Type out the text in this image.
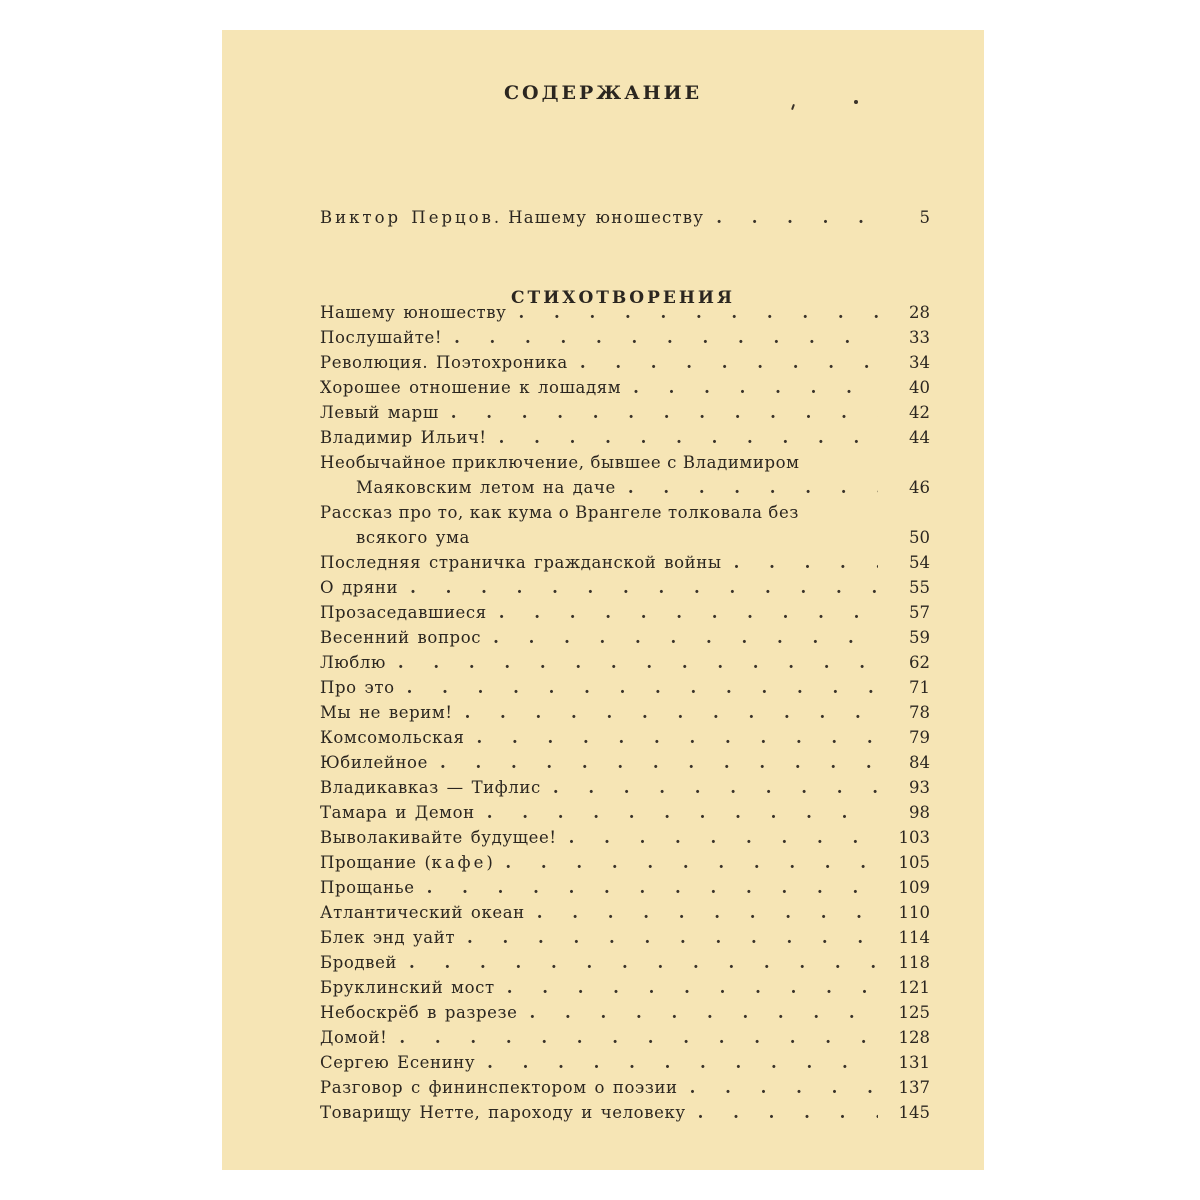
СОДЕРЖАНИЕ
Виктор Перцов. Нашему юношеству . . .	5
СТИХОТВОРЕНИЯ
Нашему юношеству . . .	28
Послушайте! . . .	33
Революция. Поэтохроника . . .	34
Хорошее отношение к лошадям . . .	40
Левый марш . . .	42
Владимир Ильич! . . .	44
Необычайное приключение, бывшее с Владимиром
Маяковским летом на даче . . .	46
Рассказ про то, как кума о Врангеле толковала без
всякого ума	50
Последняя страничка гражданской войны . . .	54
О дряни . . .	55
Прозаседавшиеся . . .	57
Весенний вопрос . . .	59
Люблю . . .	62
Про это . . .	71
Мы не верим! . . .	78
Комсомольская . . .	79
Юбилейное . . .	84
Владикавказ — Тифлис . . .	93
Тамара и Демон . . .	98
Выволакивайте будущее! . . .	103
Прощание (кафе) . . .	105
Прощанье . . .	109
Атлантический океан . . .	110
Блек энд уайт . . .	114
Бродвей . . .	118
Бруклинский мост . . .	121
Небоскрёб в разрезе . . .	125
Домой! . . .	128
Сергею Есенину . . .	131
Разговор с фининспектором о поэзии . . .	137
Товарищу Нетте, пароходу и человеку . . .	145
